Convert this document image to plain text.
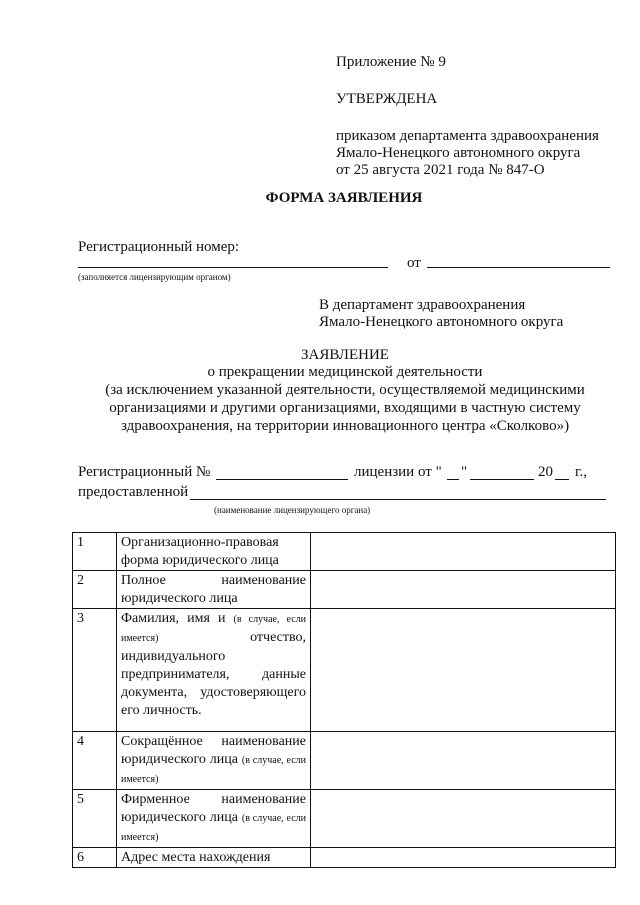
Приложение № 9
УТВЕРЖДЕНА
приказом департамента здравоохранения
Ямало-Ненецкого автономного округа
от 25 августа 2021 года № 847-О
ФОРМА ЗАЯВЛЕНИЯ
Регистрационный номер:
от
(заполняется лицензирующим органом)
В департамент здравоохранения
Ямало-Ненецкого автономного округа
ЗАЯВЛЕНИЕ
о прекращении медицинской деятельности
(за исключением указанной деятельности, осуществляемой медицинскими
организациями и другими организациями, входящими в частную систему
здравоохранения, на территории инновационного центра «Сколково»)
Регистрационный №	лицензии от " "	20 г.,
предоставленной
(наименование лицензирующего органа)
1	Организационно-правовая форма юридического лица	
2	Полное наименование юридического лица	
3	Фамилия, имя и (в случае, если имеется) отчество, индивидуального предпринимателя, данные документа, удостоверяющего его личность.	
4	Сокращённое наименование юридического лица (в случае, если имеется)	
5	Фирменное наименование юридического лица (в случае, если имеется)	
6	Адрес места нахождения	
